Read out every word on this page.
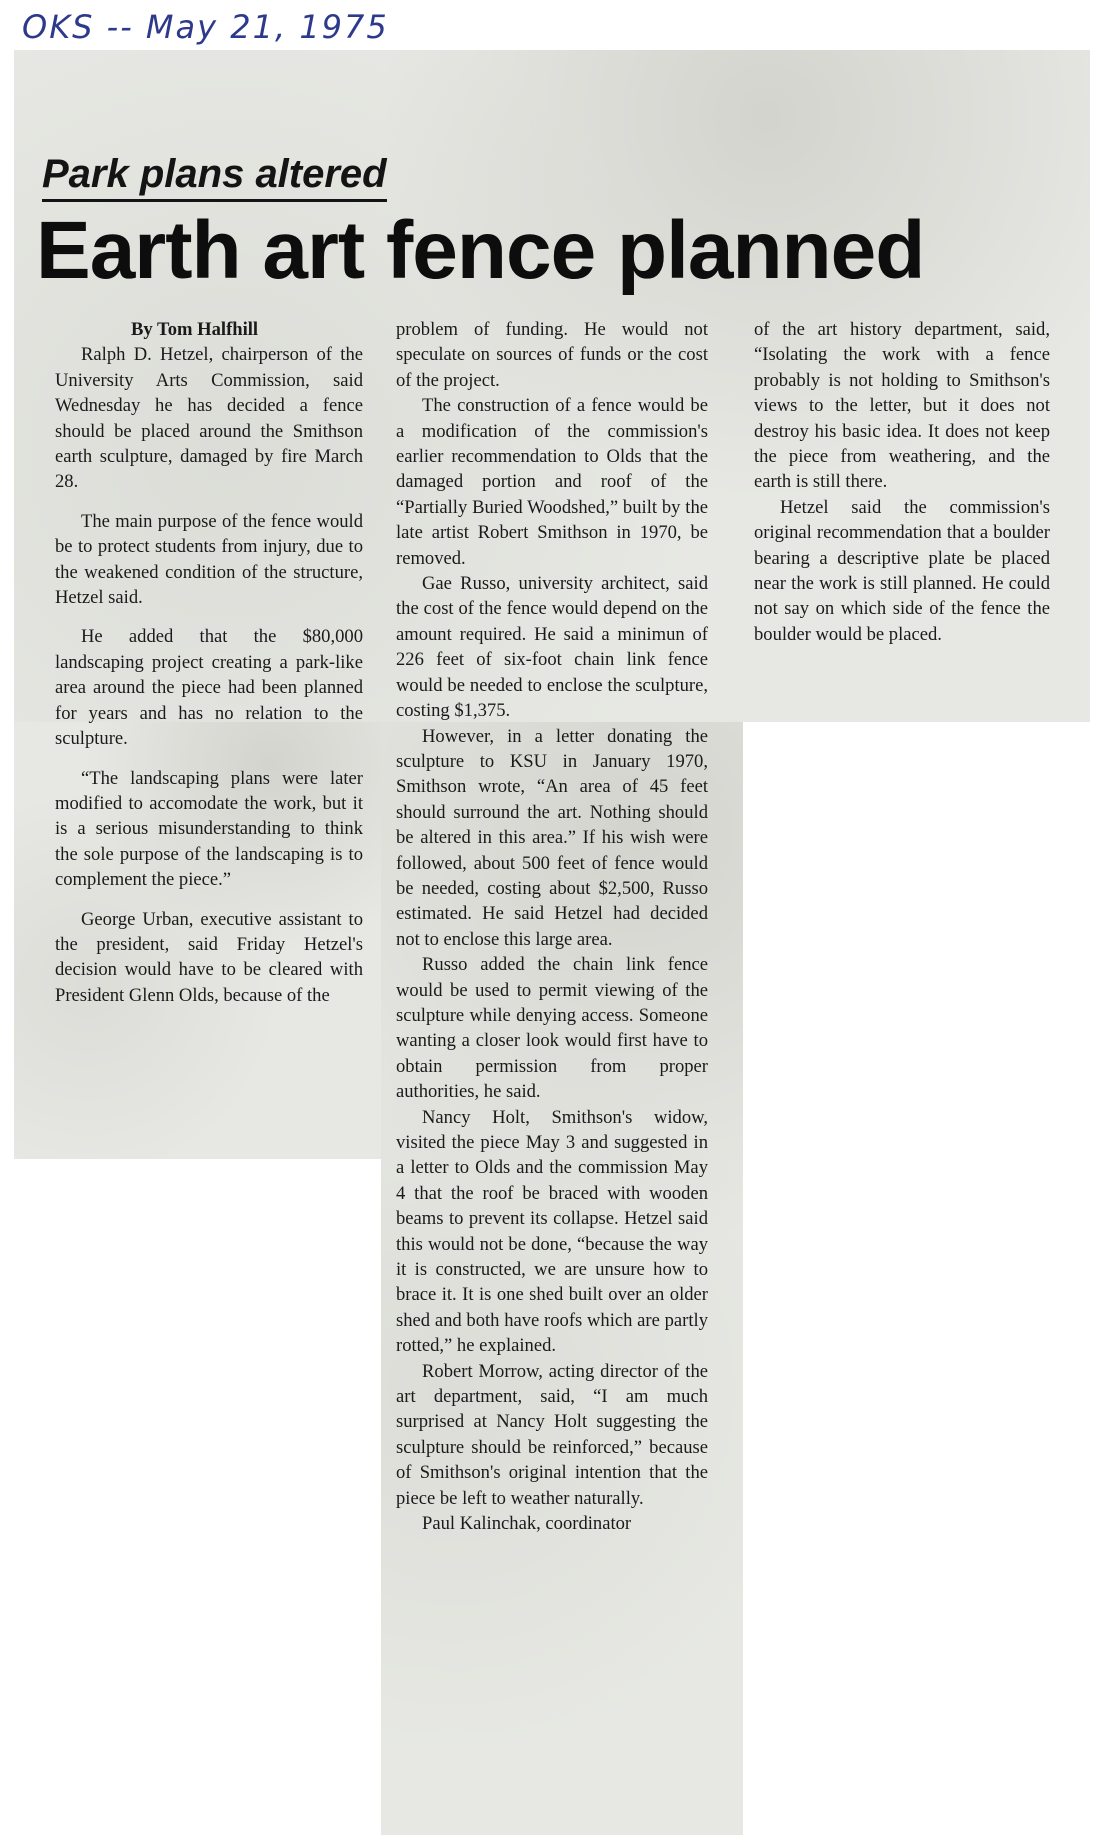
OKS -- May 21, 1975
Park plans altered
Earth art fence planned

By Tom Halfhill

Ralph D. Hetzel, chairperson of the University Arts Commission, said Wednesday he has decided a fence should be placed around the Smithson earth sculpture, damaged by fire March 28.

The main purpose of the fence would be to protect students from injury, due to the weakened condition of the structure, Hetzel said.

He added that the $80,000 landscaping project creating a park-like area around the piece had been planned for years and has no relation to the sculpture.

“The landscaping plans were later modified to accomodate the work, but it is a serious misunderstanding to think the sole purpose of the landscaping is to complement the piece.”

George Urban, executive assistant to the president, said Friday Hetzel's decision would have to be cleared with President Glenn Olds, because of the

problem of funding. He would not speculate on sources of funds or the cost of the project.

The construction of a fence would be a modification of the commission's earlier recommendation to Olds that the damaged portion and roof of the “Partially Buried Woodshed,” built by the late artist Robert Smithson in 1970, be removed.

Gae Russo, university architect, said the cost of the fence would depend on the amount required. He said a minimun of 226 feet of six-foot chain link fence would be needed to enclose the sculpture, costing $1,375.

However, in a letter donating the sculpture to KSU in January 1970, Smithson wrote, “An area of 45 feet should surround the art. Nothing should be altered in this area.” If his wish were followed, about 500 feet of fence would be needed, costing about $2,500, Russo estimated. He said Hetzel had decided not to enclose this large area.

Russo added the chain link fence would be used to permit viewing of the sculpture while denying access. Someone wanting a closer look would first have to obtain permission from proper authorities, he said.

Nancy Holt, Smithson's widow, visited the piece May 3 and suggested in a letter to Olds and the commission May 4 that the roof be braced with wooden beams to prevent its collapse. Hetzel said this would not be done, “because the way it is constructed, we are unsure how to brace it. It is one shed built over an older shed and both have roofs which are partly rotted,” he explained.

Robert Morrow, acting director of the art department, said, “I am much surprised at Nancy Holt suggesting the sculpture should be reinforced,” because of Smithson's original intention that the piece be left to weather naturally.

Paul Kalinchak, coordinator

of the art history department, said, “Isolating the work with a fence probably is not holding to Smithson's views to the letter, but it does not destroy his basic idea. It does not keep the piece from weathering, and the earth is still there.

Hetzel said the commission's original recommendation that a boulder bearing a descriptive plate be placed near the work is still planned. He could not say on which side of the fence the boulder would be placed.
